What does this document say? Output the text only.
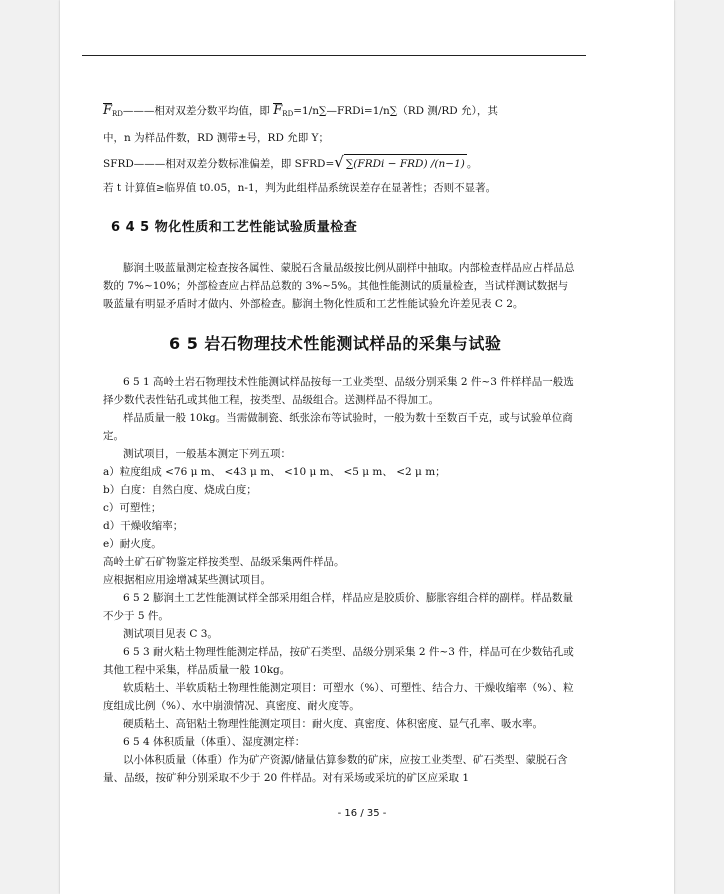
$F_{RD}———$相对双差分数平均值，即 $F_{RD}=1/n\sum—FRDi=1/n\sum(RD$ 测/RD 允），其

中，n 为样品件数，RD 测带±号，RD 允即 Y；

SFRD———相对双差分数标准偏差，即 SFRD=√ ∑(FRDi − FRD) /(n−1) 。

若 t 计算值≥临界值 t0.05，n-1，判为此组样品系统误差存在显著性；否则不显著。

6 4 5 物化性质和工艺性能试验质量检查

膨润土吸蓝量测定检查按各属性、蒙脱石含量品级按比例从副样中抽取。内部检查样品应占样品总数的 7%~10%；外部检查应占样品总数的 3%~5%。其他性能测试的质量检查，当试样测试数据与吸蓝量有明显矛盾时才做内、外部检查。膨润土物化性质和工艺性能试验允许差见表 C 2。

6 5 岩石物理技术性能测试样品的采集与试验

6 5 1 高岭土岩石物理技术性能测试样品按每一工业类型、品级分别采集 2 件~3 件样样品一般选择少数代表性钻孔或其他工程，按类型、品级组合。送测样品不得加工。

样品质量一般 10kg。当需做制瓷、纸张涂布等试验时，一般为数十至数百千克，或与试验单位商定。

测试项目，一般基本测定下列五项：

a）粒度组成 <76 μ m、 <43 μ m、 <10 μ m、 <5 μ m、 <2 μ m；

b）白度：自然白度、烧成白度；

c）可塑性；

d）干燥收缩率；

e）耐火度。

高岭土矿石矿物鉴定样按类型、品级采集两件样品。

应根据相应用途增减某些测试项目。

6 5 2 膨润土工艺性能测试样全部采用组合样，样品应是胶质价、膨胀容组合样的副样。样品数量不少于 5 件。

测试项目见表 C 3。

6 5 3 耐火粘土物理性能测定样品，按矿石类型、品级分别采集 2 件~3 件，样品可在少数钻孔或其他工程中采集，样品质量一般 10kg。

软质粘土、半软质粘土物理性能测定项目：可塑水（%）、可塑性、结合力、干燥收缩率（%）、粒度组成比例（%）、水中崩溃情况、真密度、耐火度等。

硬质粘土、高铝粘土物理性能测定项目：耐火度、真密度、体积密度、显气孔率、吸水率。

6 5 4 体积质量（体重）、湿度测定样：

以小体积质量（体重）作为矿产资源/储量估算参数的矿床，应按工业类型、矿石类型、蒙脱石含量、品级，按矿种分别采取不少于 20 件样品。对有采场或采坑的矿区应采取 1

- 16 / 35 -
